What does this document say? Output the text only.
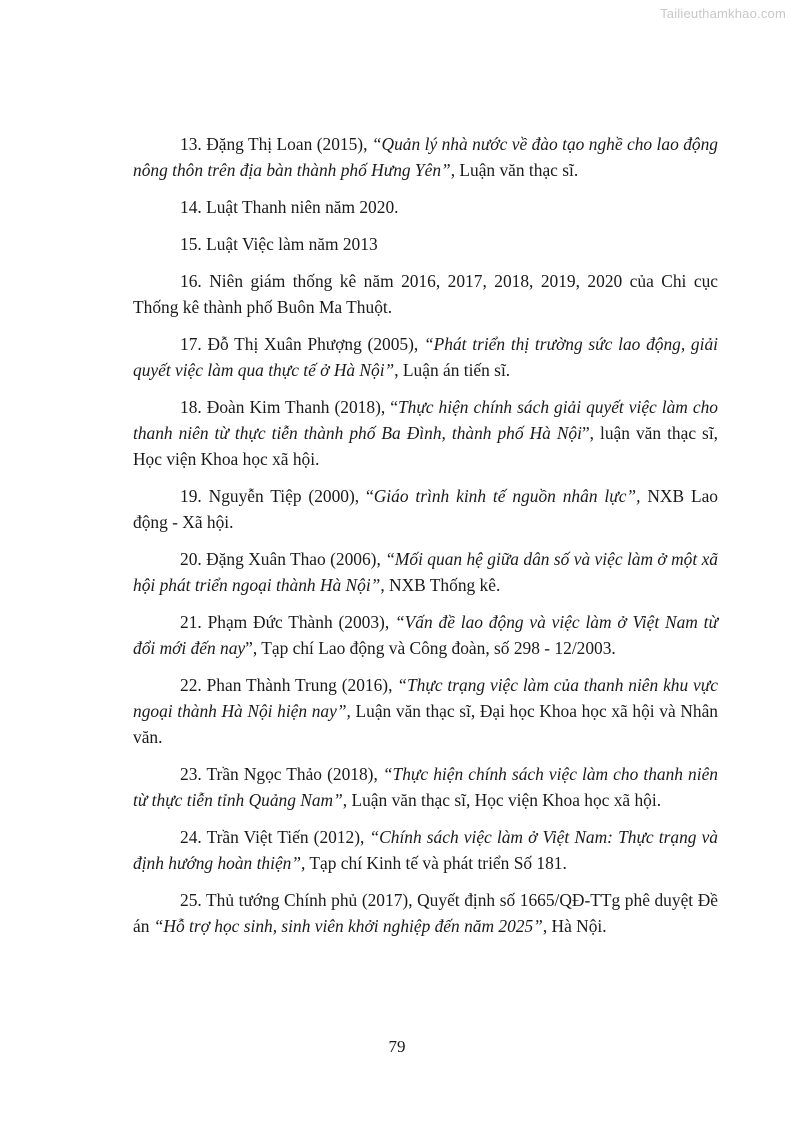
Tailieuthamkhao.com

13. Đặng Thị Loan (2015), “Quản lý nhà nước về đào tạo nghề cho lao động nông thôn trên địa bàn thành phố Hưng Yên”, Luận văn thạc sĩ.

14. Luật Thanh niên năm 2020.

15. Luật Việc làm năm 2013

16. Niên giám thống kê năm 2016, 2017, 2018, 2019, 2020 của Chi cục Thống kê thành phố Buôn Ma Thuột.

17. Đỗ Thị Xuân Phượng (2005), “Phát triển thị trường sức lao động, giải quyết việc làm qua thực tế ở Hà Nội”, Luận án tiến sĩ.

18. Đoàn Kim Thanh (2018), “Thực hiện chính sách giải quyết việc làm cho thanh niên từ thực tiễn thành phố Ba Đình, thành phố Hà Nội”, luận văn thạc sĩ, Học viện Khoa học xã hội.

19. Nguyễn Tiệp (2000), “Giáo trình kinh tế nguồn nhân lực”, NXB Lao động - Xã hội.

20. Đặng Xuân Thao (2006), “Mối quan hệ giữa dân số và việc làm ở một xã hội phát triển ngoại thành Hà Nội”, NXB Thống kê.

21. Phạm Đức Thành (2003), “Vấn đề lao động và việc làm ở Việt Nam từ đổi mới đến nay”, Tạp chí Lao động và Công đoàn, số 298 - 12/2003.

22. Phan Thành Trung (2016), “Thực trạng việc làm của thanh niên khu vực ngoại thành Hà Nội hiện nay”, Luận văn thạc sĩ, Đại học Khoa học xã hội và Nhân văn.

23. Trần Ngọc Thảo (2018), “Thực hiện chính sách việc làm cho thanh niên từ thực tiễn tỉnh Quảng Nam”, Luận văn thạc sĩ, Học viện Khoa học xã hội.

24. Trần Việt Tiến (2012), “Chính sách việc làm ở Việt Nam: Thực trạng và định hướng hoàn thiện”, Tạp chí Kinh tế và phát triển Số 181.

25. Thủ tướng Chính phủ (2017), Quyết định số 1665/QĐ-TTg phê duyệt Đề án “Hỗ trợ học sinh, sinh viên khởi nghiệp đến năm 2025”, Hà Nội.

79
